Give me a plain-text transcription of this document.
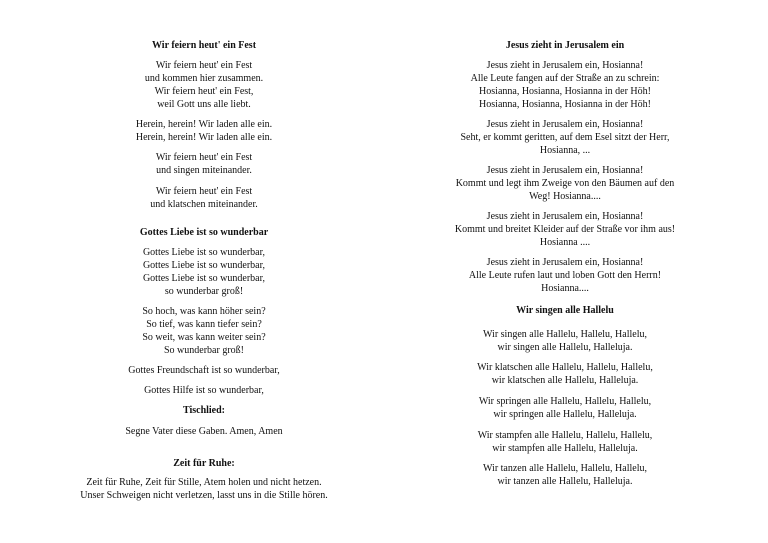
Wir feiern heut' ein Fest
Wir feiern heut' ein Fest
und kommen hier zusammen.
Wir feiern heut' ein Fest,
weil Gott uns alle liebt.
Herein, herein! Wir laden alle ein.
Herein, herein! Wir laden alle ein.
Wir feiern heut' ein Fest
und singen miteinander.
Wir feiern heut' ein Fest
und klatschen miteinander.
Gottes Liebe ist so wunderbar
Gottes Liebe ist so wunderbar,
Gottes Liebe ist so wunderbar,
Gottes Liebe ist so wunderbar,
so wunderbar groß!
So hoch, was kann höher sein?
So tief, was kann tiefer sein?
So weit, was kann weiter sein?
So wunderbar groß!
Gottes Freundschaft ist so wunderbar,
Gottes Hilfe ist so wunderbar,
Tischlied:
Segne Vater diese Gaben. Amen, Amen
Zeit für Ruhe:
Zeit für Ruhe, Zeit für Stille, Atem holen und nicht hetzen.
Unser Schweigen nicht verletzen, lasst uns in die Stille hören.
Jesus zieht in Jerusalem ein
Jesus zieht in Jerusalem ein, Hosianna!
Alle Leute fangen auf der Straße an zu schrein:
Hosianna, Hosianna, Hosianna in der Höh!
Hosianna, Hosianna, Hosianna in der Höh!
Jesus zieht in Jerusalem ein, Hosianna!
Seht, er kommt geritten, auf dem Esel sitzt der Herr,
Hosianna, ...
Jesus zieht in Jerusalem ein, Hosianna!
Kommt und legt ihm Zweige von den Bäumen auf den
Weg! Hosianna....
Jesus zieht in Jerusalem ein, Hosianna!
Kommt und breitet Kleider auf der Straße vor ihm aus!
Hosianna ....
Jesus zieht in Jerusalem ein, Hosianna!
Alle Leute rufen laut und loben Gott den Herrn!
Hosianna....
Wir singen alle Hallelu
Wir singen alle Hallelu, Hallelu, Hallelu,
wir singen alle Hallelu, Halleluja.
Wir klatschen alle Hallelu, Hallelu, Hallelu,
wir klatschen alle Hallelu, Halleluja.
Wir springen alle Hallelu, Hallelu, Hallelu,
wir springen alle Hallelu, Halleluja.
Wir stampfen alle Hallelu, Hallelu, Hallelu,
wir stampfen alle Hallelu, Halleluja.
Wir tanzen alle Hallelu, Hallelu, Hallelu,
wir tanzen alle Hallelu, Halleluja.
